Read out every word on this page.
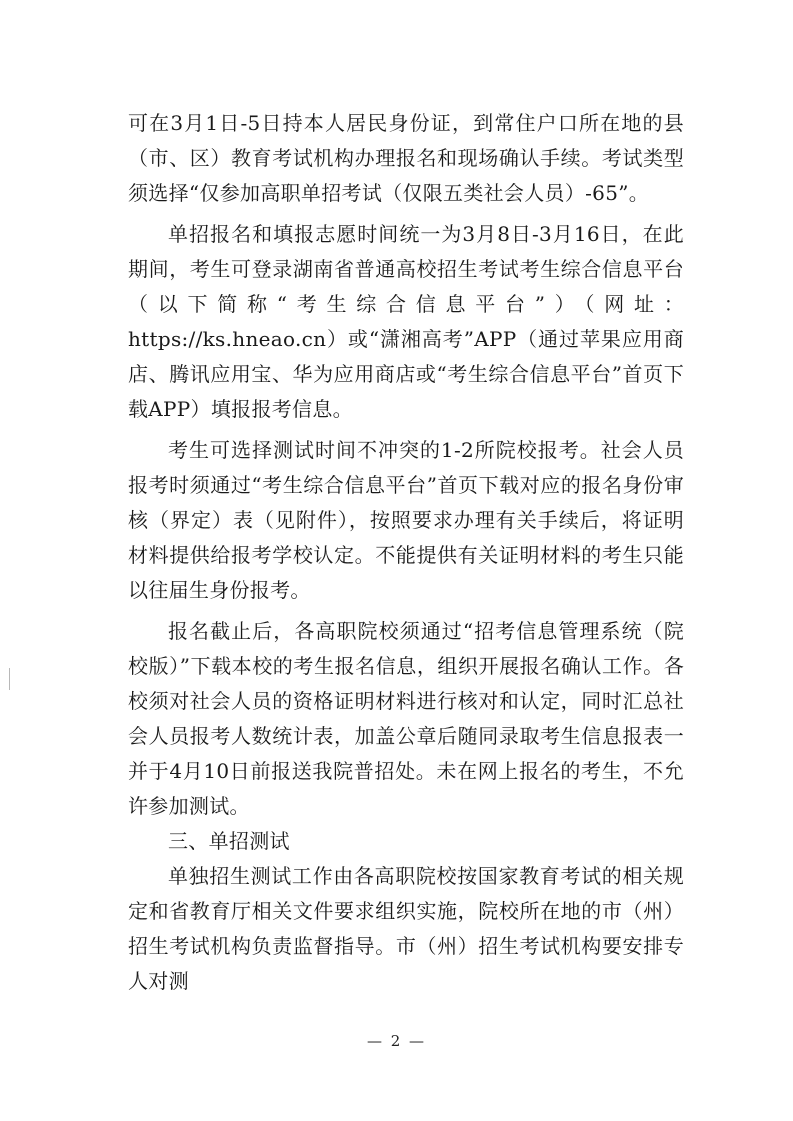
可在3月1日-5日持本人居民身份证，到常住户口所在地的县（市、区）教育考试机构办理报名和现场确认手续。考试类型须选择“仅参加高职单招考试（仅限五类社会人员）-65”。

单招报名和填报志愿时间统一为3月8日-3月16日，在此期间，考生可登录湖南省普通高校招生考试考生综合信息平台（以下简称“考生综合信息平台”）（网址：https://ks.hneao.cn）或“潇湘高考”APP（通过苹果应用商店、腾讯应用宝、华为应用商店或“考生综合信息平台”首页下载APP）填报报考信息。

考生可选择测试时间不冲突的1-2所院校报考。社会人员报考时须通过“考生综合信息平台”首页下载对应的报名身份审核（界定）表（见附件），按照要求办理有关手续后，将证明材料提供给报考学校认定。不能提供有关证明材料的考生只能以往届生身份报考。

报名截止后，各高职院校须通过“招考信息管理系统（院校版）”下载本校的考生报名信息，组织开展报名确认工作。各校须对社会人员的资格证明材料进行核对和认定，同时汇总社会人员报考人数统计表，加盖公章后随同录取考生信息报表一并于4月10日前报送我院普招处。未在网上报名的考生，不允许参加测试。

三、单招测试

单独招生测试工作由各高职院校按国家教育考试的相关规定和省教育厅相关文件要求组织实施，院校所在地的市（州）招生考试机构负责监督指导。市（州）招生考试机构要安排专人对测

— 2 —
